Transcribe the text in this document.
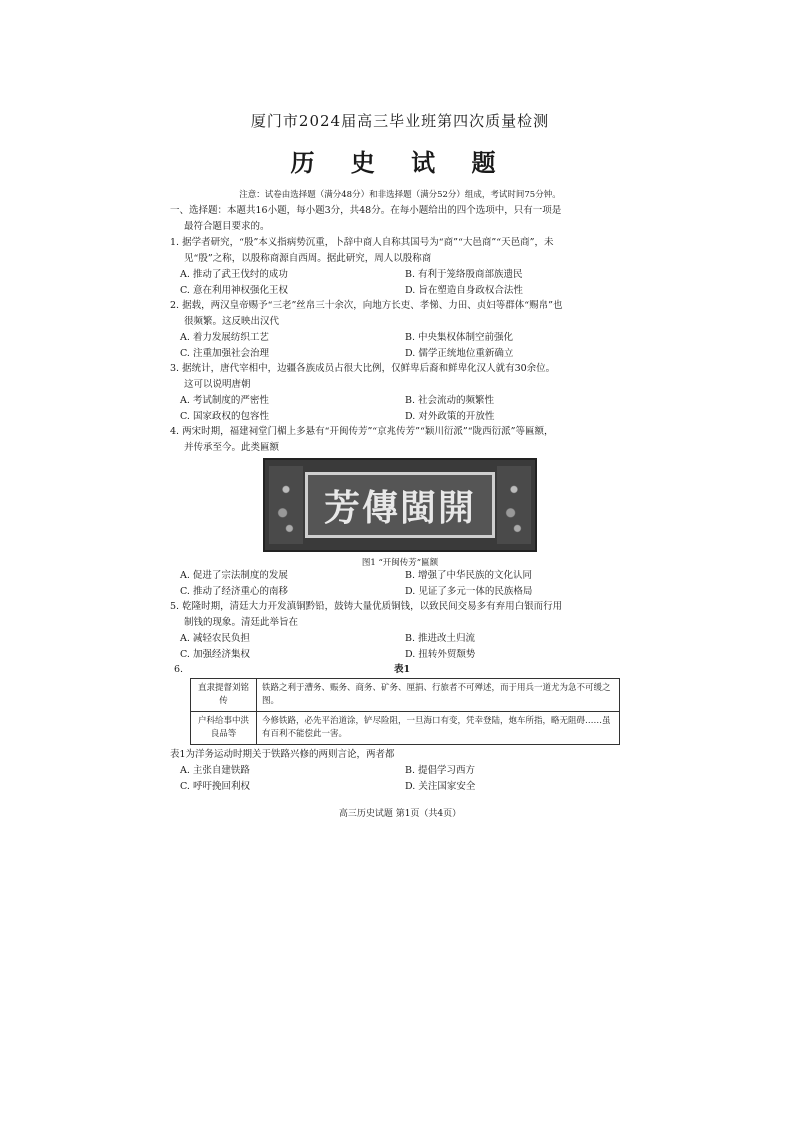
厦门市2024届高三毕业班第四次质量检测
历 史 试 题
注意：试卷由选择题（满分48分）和非选择题（满分52分）组成，考试时间75分钟。
一、选择题：本题共16小题，每小题3分，共48分。在每小题给出的四个选项中，只有一项是
最符合题目要求的。
1. 据学者研究，“殷”本义指病势沉重，卜辞中商人自称其国号为“商”“大邑商”“天邑商”，未
见“殷”之称，以殷称商源自西周。据此研究，周人以殷称商
A. 推动了武王伐纣的成功	B. 有利于笼络殷商部族遗民
C. 意在利用神权强化王权	D. 旨在塑造自身政权合法性
2. 据载，两汉皇帝赐予“三老”丝帛三十余次，向地方长吏、孝悌、力田、贞妇等群体“赐帛”也
很频繁。这反映出汉代
A. 着力发展纺织工艺	B. 中央集权体制空前强化
C. 注重加强社会治理	D. 儒学正统地位重新确立
3. 据统计，唐代宰相中，边疆各族成员占很大比例，仅鲜卑后裔和鲜卑化汉人就有30余位。
这可以说明唐朝
A. 考试制度的严密性	B. 社会流动的频繁性
C. 国家政权的包容性	D. 对外政策的开放性
4. 两宋时期，福建祠堂门楣上多悬有“开闽传芳”“京兆传芳”“颖川衍派”“陇西衍派”等匾额，
并传承至今。此类匾额
芳傳閩開
图1 “开闽传芳”匾额
A. 促进了宗法制度的发展	B. 增强了中华民族的文化认同
C. 推动了经济重心的南移	D. 见证了多元一体的民族格局
5. 乾隆时期，清廷大力开发滇铜黔铅，鼓铸大量优质铜钱，以致民间交易多有弃用白银而行用
制钱的现象。清廷此举旨在
A. 减轻农民负担	B. 推进改土归流
C. 加强经济集权	D. 扭转外贸颓势
6.	表1
直隶提督刘铭传	铁路之利于漕务、赈务、商务、矿务、厘捐、行旅者不可殚述，而于用兵一道尤为急不可缓之图。
户科给事中洪良品等	今修铁路，必先平治道涂，铲尽险阻，一旦海口有变，凭幸登陆，炮车所指，略无阻碍……虽有百利不能偿此一害。
表1为洋务运动时期关于铁路兴修的两则言论，两者都
A. 主张自建铁路	B. 提倡学习西方
C. 呼吁挽回利权	D. 关注国家安全
高三历史试题 第1页（共4页）
